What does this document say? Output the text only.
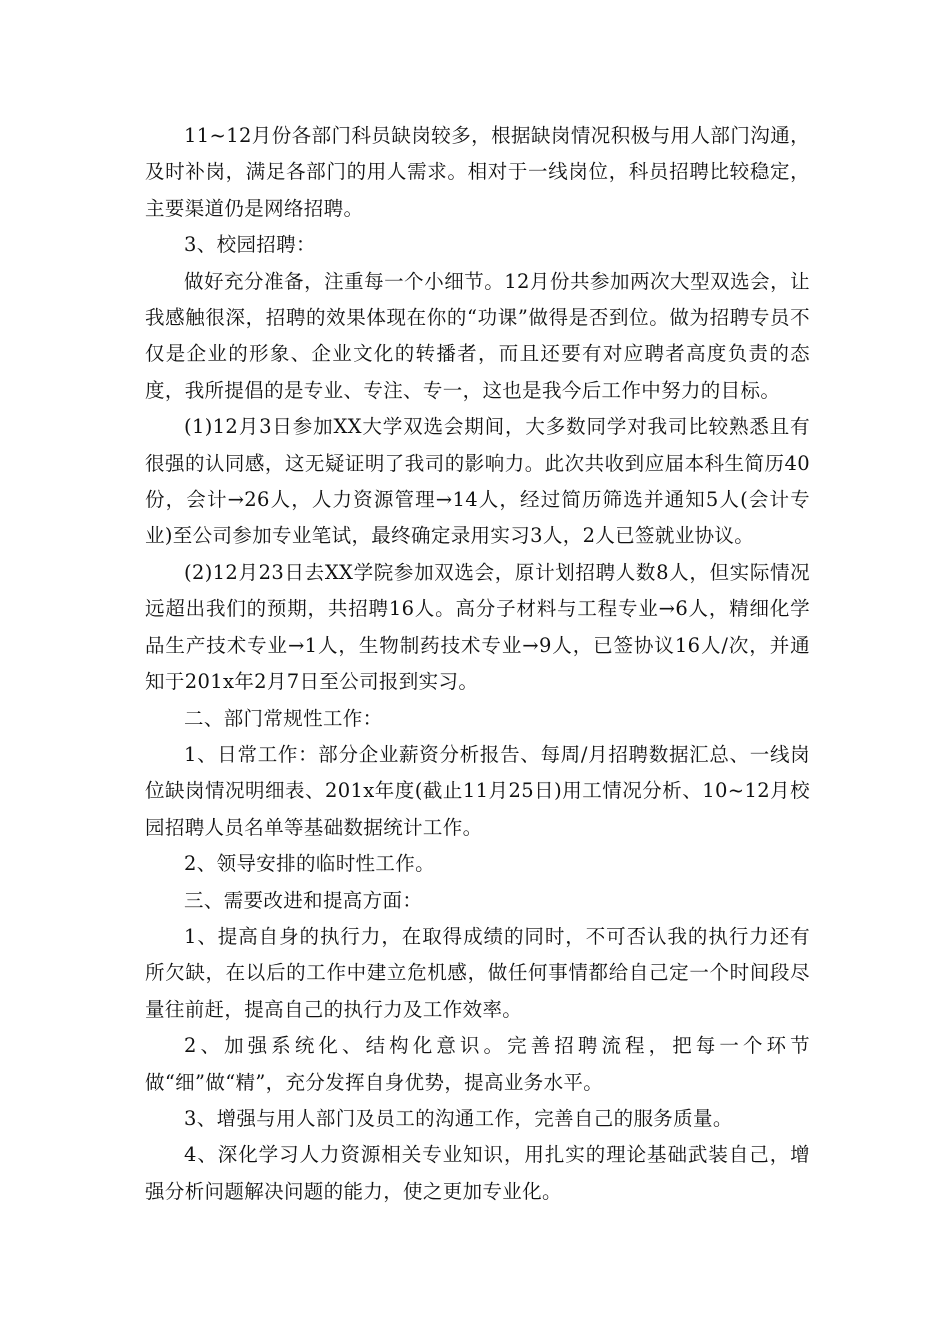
11~12月份各部门科员缺岗较多，根据缺岗情况积极与用人部门沟通，及时补岗，满足各部门的用人需求。相对于一线岗位，科员招聘比较稳定，主要渠道仍是网络招聘。

3、校园招聘：

做好充分准备，注重每一个小细节。12月份共参加两次大型双选会，让我感触很深，招聘的效果体现在你的“功课”做得是否到位。做为招聘专员不仅是企业的形象、企业文化的转播者，而且还要有对应聘者高度负责的态度，我所提倡的是专业、专注、专一，这也是我今后工作中努力的目标。

(1)12月3日参加XX大学双选会期间，大多数同学对我司比较熟悉且有很强的认同感，这无疑证明了我司的影响力。此次共收到应届本科生简历40份，会计→26人，人力资源管理→14人，经过简历筛选并通知5人(会计专业)至公司参加专业笔试，最终确定录用实习3人，2人已签就业协议。

(2)12月23日去XX学院参加双选会，原计划招聘人数8人，但实际情况远超出我们的预期，共招聘16人。高分子材料与工程专业→6人，精细化学品生产技术专业→1人，生物制药技术专业→9人，已签协议16人/次，并通知于201x年2月7日至公司报到实习。

二、部门常规性工作：

1、日常工作：部分企业薪资分析报告、每周/月招聘数据汇总、一线岗位缺岗情况明细表、201x年度(截止11月25日)用工情况分析、10~12月校园招聘人员名单等基础数据统计工作。

2、领导安排的临时性工作。

三、需要改进和提高方面：

1、提高自身的执行力，在取得成绩的同时，不可否认我的执行力还有所欠缺，在以后的工作中建立危机感，做任何事情都给自己定一个时间段尽量往前赶，提高自己的执行力及工作效率。

2、加强系统化、结构化意识。完善招聘流程，把每一个环节做“细”做“精”，充分发挥自身优势，提高业务水平。

3、增强与用人部门及员工的沟通工作，完善自己的服务质量。

4、深化学习人力资源相关专业知识，用扎实的理论基础武装自己，增强分析问题解决问题的能力，使之更加专业化。
